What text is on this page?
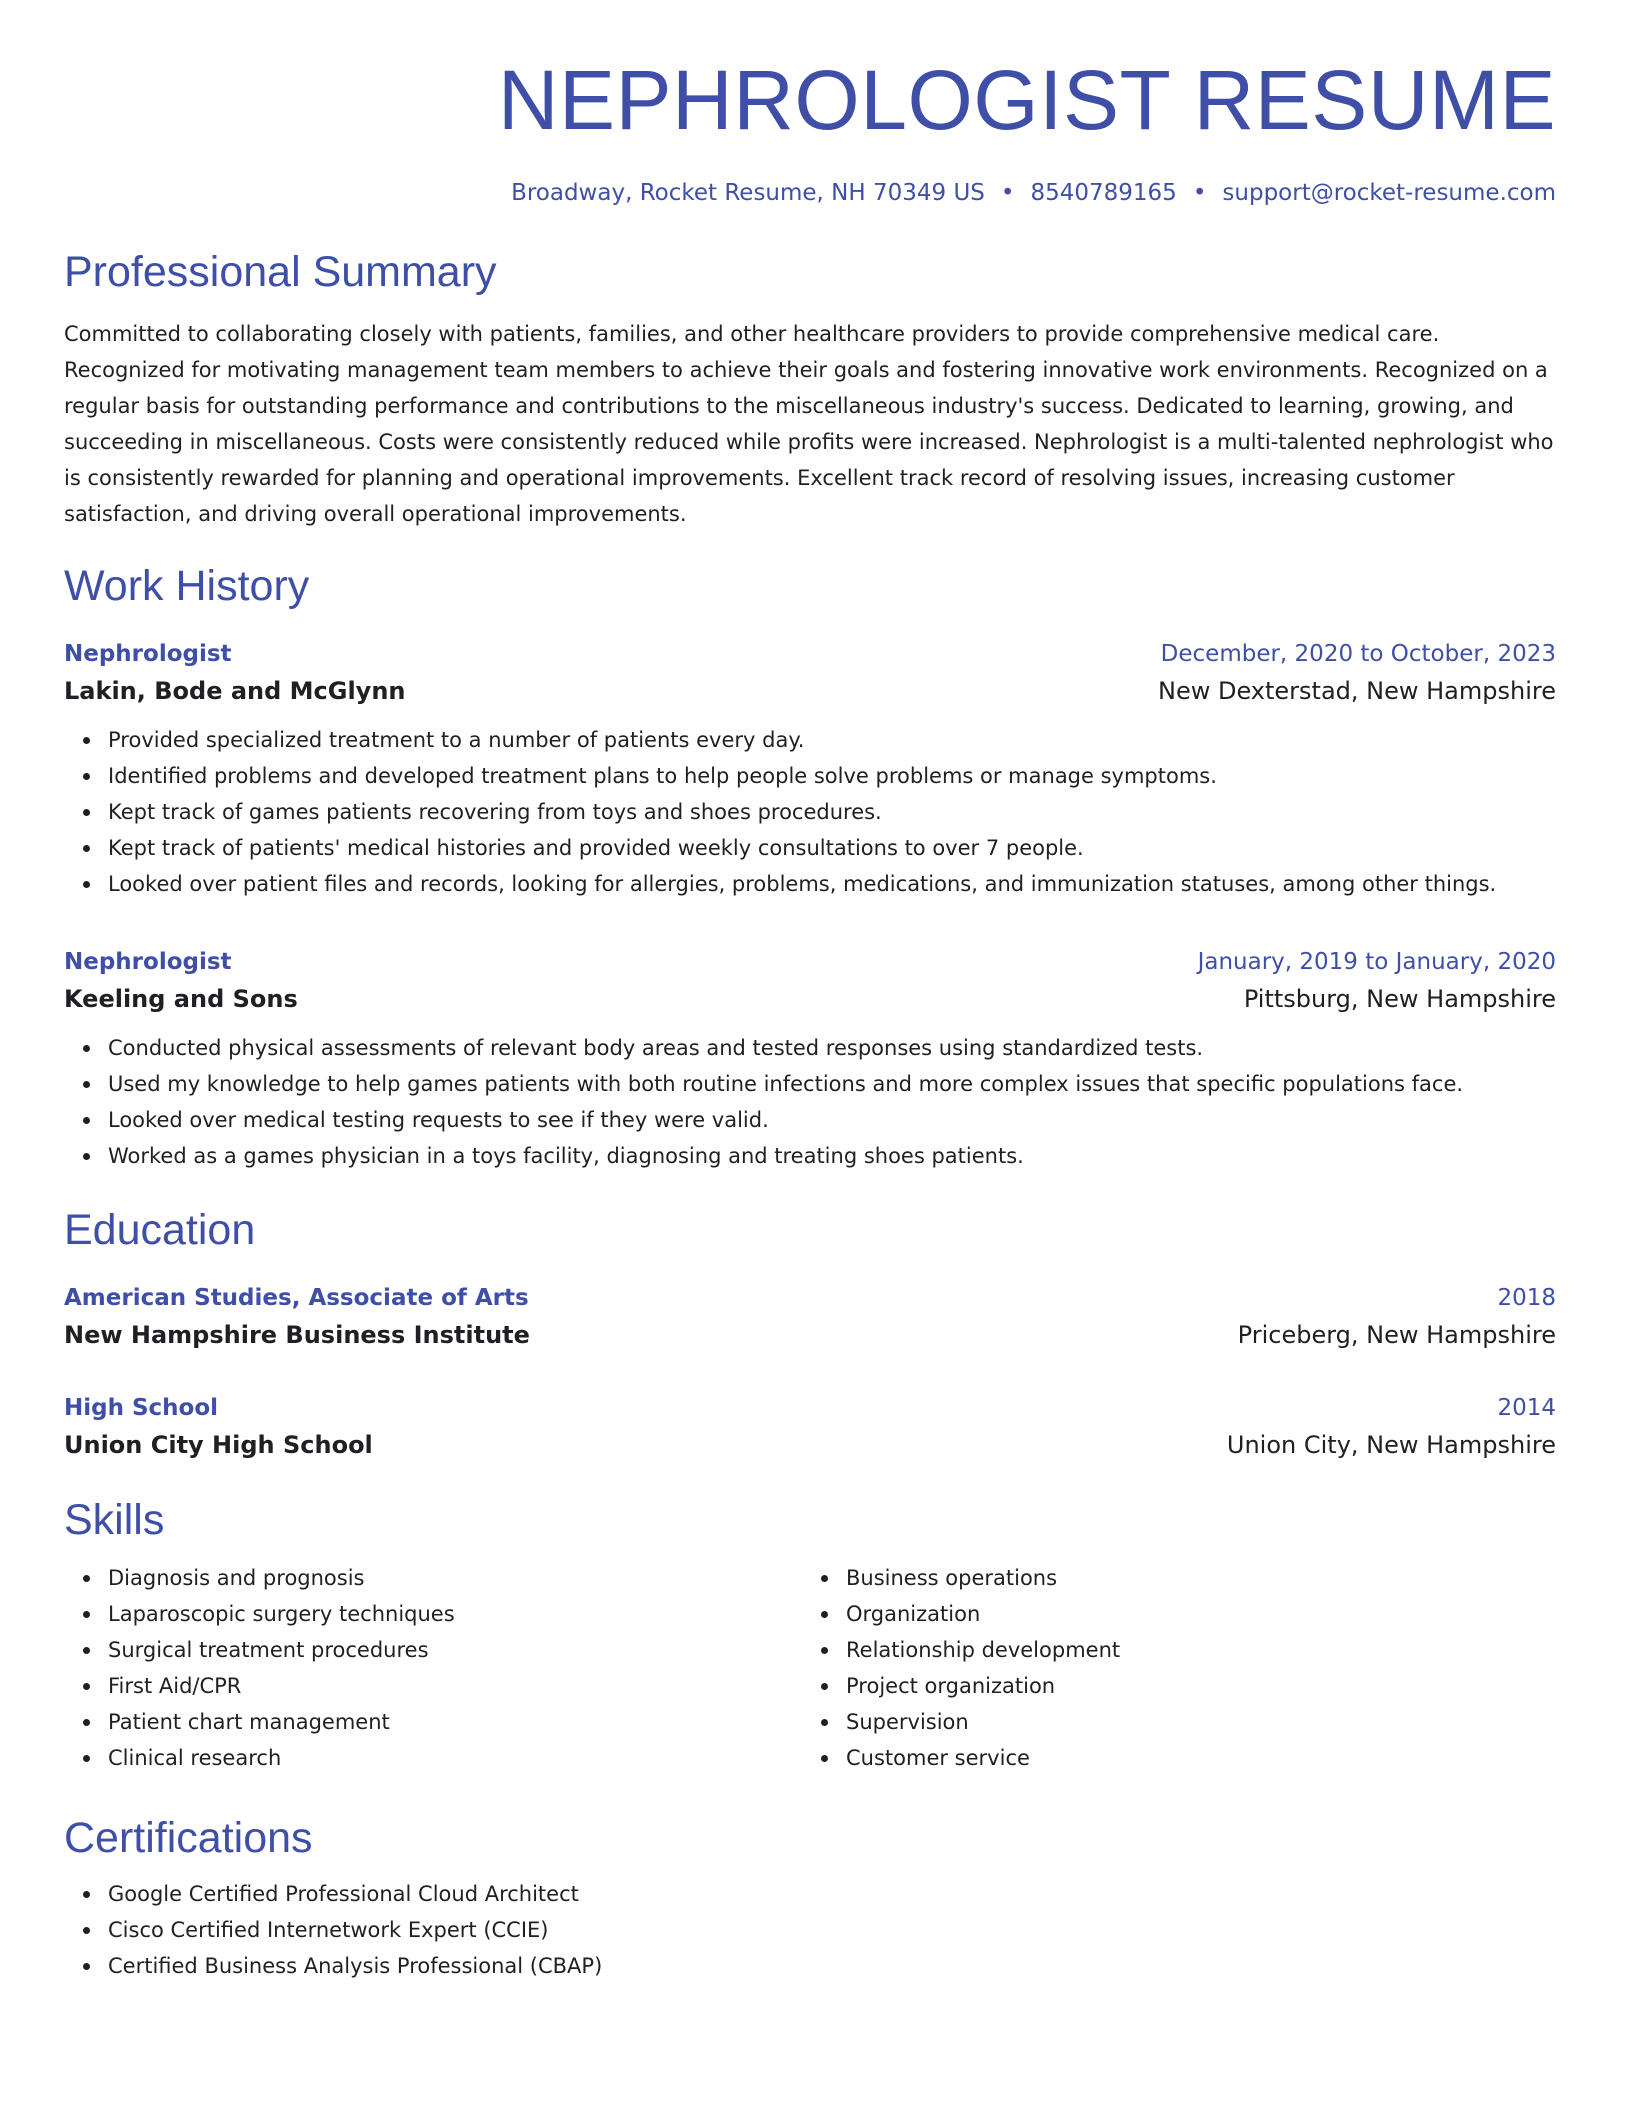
NEPHROLOGIST RESUME
Broadway, Rocket Resume, NH 70349 US • 8540789165 • support@rocket-resume.com
Professional Summary

Committed to collaborating closely with patients, families, and other healthcare providers to provide comprehensive medical care. Recognized for motivating management team members to achieve their goals and fostering innovative work environments. Recognized on a regular basis for outstanding performance and contributions to the miscellaneous industry's success. Dedicated to learning, growing, and succeeding in miscellaneous. Costs were consistently reduced while profits were increased. Nephrologist is a multi-talented nephrologist who is consistently rewarded for planning and operational improvements. Excellent track record of resolving issues, increasing customer satisfaction, and driving overall operational improvements.

Work History
Nephrologist	December, 2020 to October, 2023
Lakin, Bode and McGlynn	New Dexterstad, New Hampshire
Provided specialized treatment to a number of patients every day.
Identified problems and developed treatment plans to help people solve problems or manage symptoms.
Kept track of games patients recovering from toys and shoes procedures.
Kept track of patients' medical histories and provided weekly consultations to over 7 people.
Looked over patient files and records, looking for allergies, problems, medications, and immunization statuses, among other things.
Nephrologist	January, 2019 to January, 2020
Keeling and Sons	Pittsburg, New Hampshire
Conducted physical assessments of relevant body areas and tested responses using standardized tests.
Used my knowledge to help games patients with both routine infections and more complex issues that specific populations face.
Looked over medical testing requests to see if they were valid.
Worked as a games physician in a toys facility, diagnosing and treating shoes patients.
Education
American Studies, Associate of Arts	2018
New Hampshire Business Institute	Priceberg, New Hampshire
High School	2014
Union City High School	Union City, New Hampshire
Skills
Diagnosis and prognosis
Laparoscopic surgery techniques
Surgical treatment procedures
First Aid/CPR
Patient chart management
Clinical research
Business operations
Organization
Relationship development
Project organization
Supervision
Customer service
Certifications
Google Certified Professional Cloud Architect
Cisco Certified Internetwork Expert (CCIE)
Certified Business Analysis Professional (CBAP)
